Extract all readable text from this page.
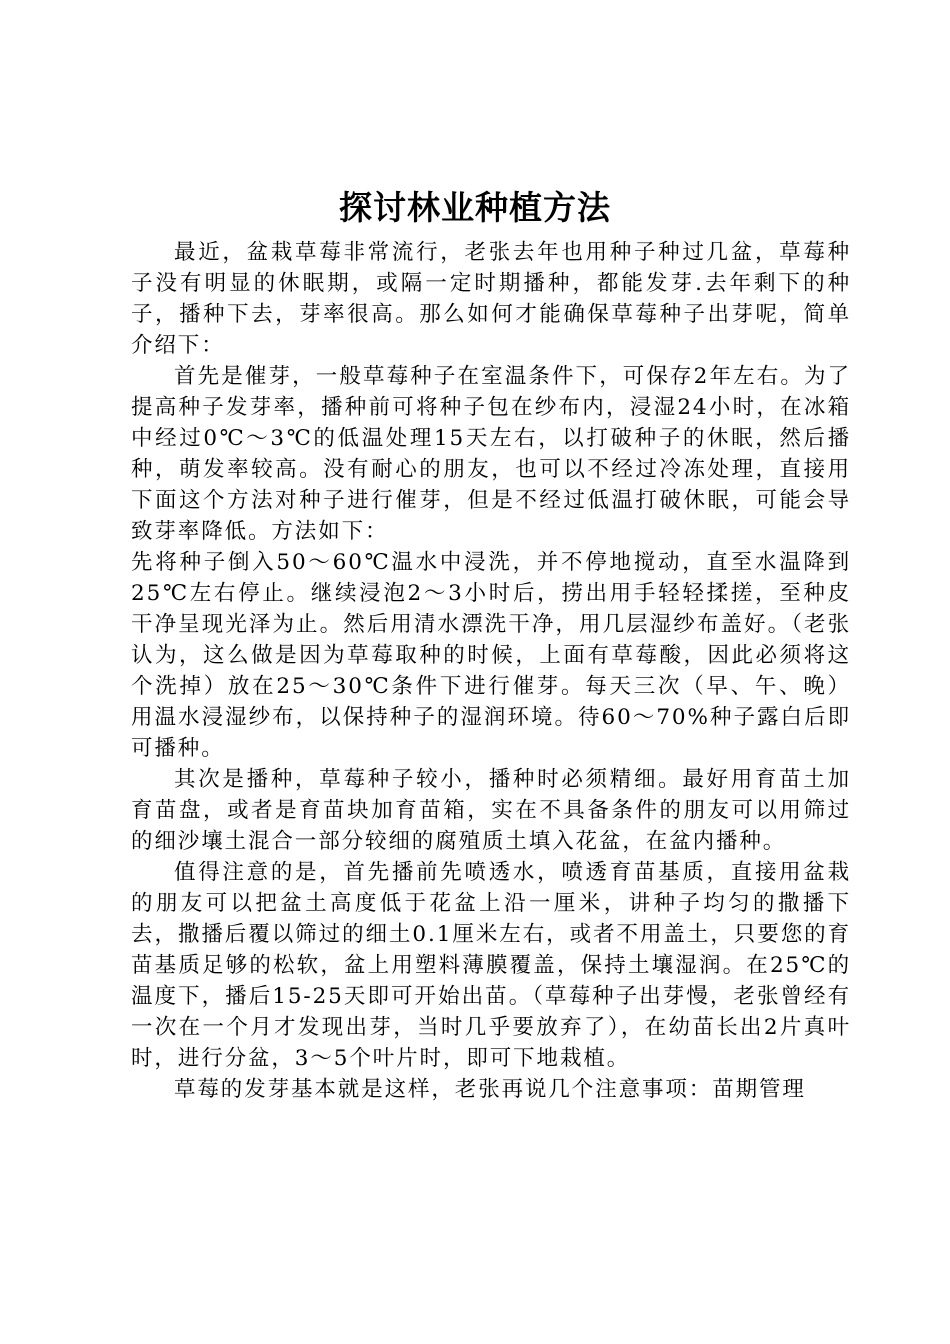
探讨林业种植方法

最近，盆栽草莓非常流行，老张去年也用种子种过几盆，草莓种子没有明显的休眠期，或隔一定时期播种，都能发芽.去年剩下的种子，播种下去，芽率很高。那么如何才能确保草莓种子出芽呢，简单介绍下：

首先是催芽，一般草莓种子在室温条件下，可保存2年左右。为了提高种子发芽率，播种前可将种子包在纱布内，浸湿24小时，在冰箱中经过0℃～3℃的低温处理15天左右，以打破种子的休眠，然后播种，萌发率较高。没有耐心的朋友，也可以不经过冷冻处理，直接用下面这个方法对种子进行催芽，但是不经过低温打破休眠，可能会导致芽率降低。方法如下：

先将种子倒入50～60℃温水中浸洗，并不停地搅动，直至水温降到25℃左右停止。继续浸泡2～3小时后，捞出用手轻轻揉搓，至种皮干净呈现光泽为止。然后用清水漂洗干净，用几层湿纱布盖好。（老张认为，这么做是因为草莓取种的时候，上面有草莓酸，因此必须将这个洗掉）放在25～30℃条件下进行催芽。每天三次（早、午、晚）用温水浸湿纱布，以保持种子的湿润环境。待60～70%种子露白后即可播种。

其次是播种，草莓种子较小，播种时必须精细。最好用育苗土加育苗盘，或者是育苗块加育苗箱，实在不具备条件的朋友可以用筛过的细沙壤土混合一部分较细的腐殖质土填入花盆，在盆内播种。

值得注意的是，首先播前先喷透水，喷透育苗基质，直接用盆栽的朋友可以把盆土高度低于花盆上沿一厘米，讲种子均匀的撒播下去，撒播后覆以筛过的细土0.1厘米左右，或者不用盖土，只要您的育苗基质足够的松软，盆上用塑料薄膜覆盖，保持土壤湿润。在25℃的温度下，播后15-25天即可开始出苗。（草莓种子出芽慢，老张曾经有一次在一个月才发现出芽，当时几乎要放弃了），在幼苗长出2片真叶时，进行分盆，3～5个叶片时，即可下地栽植。

草莓的发芽基本就是这样，老张再说几个注意事项：苗期管理
